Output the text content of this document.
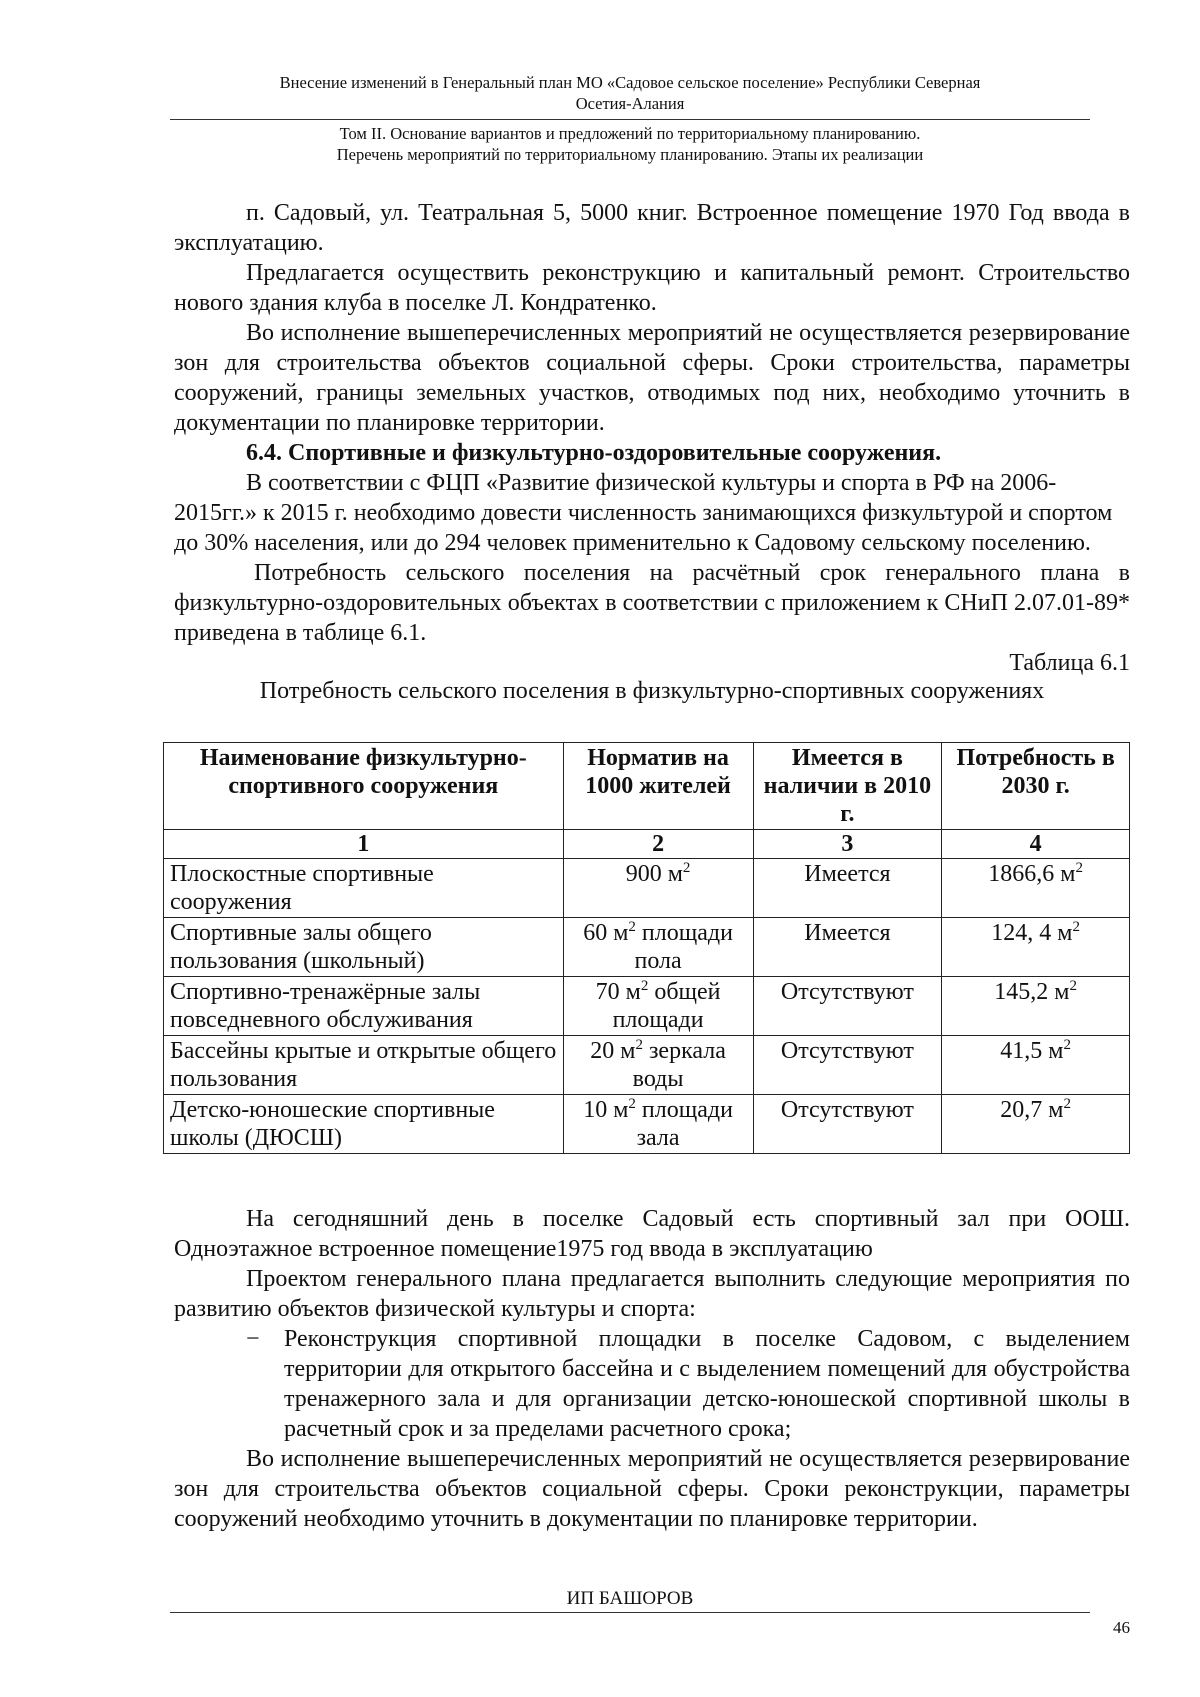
Внесение изменений в Генеральный план МО «Садовое сельское поселение» Республики Северная
Осетия-Алания
Том II. Основание вариантов и предложений по территориальному планированию.
Перечень мероприятий по территориальному планированию. Этапы их реализации

п. Садовый, ул. Театральная 5, 5000 книг. Встроенное помещение 1970 Год ввода в эксплуатацию.

Предлагается осуществить реконструкцию и капитальный ремонт. Строительство нового здания клуба в поселке Л. Кондратенко.

Во исполнение вышеперечисленных мероприятий не осуществляется резервирование зон для строительства объектов социальной сферы. Сроки строительства, параметры сооружений, границы земельных участков, отводимых под них, необходимо уточнить в документации по планировке территории.

6.4. Спортивные и физкультурно-оздоровительные сооружения.

В соответствии с ФЦП «Развитие физической культуры и спорта в РФ на 2006-2015гг.» к 2015 г. необходимо довести численность занимающихся физкультурой и спортом до 30% населения, или до 294 человек применительно к Садовому сельскому поселению.

Потребность сельского поселения на расчётный срок генерального плана в физкультурно-оздоровительных объектах в соответствии с приложением к СНиП 2.07.01-89* приведена в таблице 6.1.

Таблица 6.1

Потребность сельского поселения в физкультурно-спортивных сооружениях

Наименование физкультурно-спортивного сооружения	Норматив на 1000 жителей	Имеется в наличии в 2010 г.	Потребность в 2030 г.
1	2	3	4
Плоскостные спортивные сооружения	900 $м^2$	Имеется	1866,6 $м^2$
Спортивные залы общего пользования (школьный)	60 $м^2$ площади пола	Имеется	124, 4 $м^2$
Спортивно-тренажёрные залы повседневного обслуживания	70 $м^2$ общей площади	Отсутствуют	145,2 $м^2$
Бассейны крытые и открытые общего пользования	20 $м^2$ зеркала воды	Отсутствуют	41,5 $м^2$
Детско-юношеские спортивные школы (ДЮСШ)	10 $м^2$ площади зала	Отсутствуют	20,7 $м^2$

На сегодняшний день в поселке Садовый есть спортивный зал при ООШ. Одноэтажное встроенное помещение1975 год ввода в эксплуатацию

Проектом генерального плана предлагается выполнить следующие мероприятия по развитию объектов физической культуры и спорта:

− Реконструкция спортивной площадки в поселке Садовом, с выделением территории для открытого бассейна и с выделением помещений для обустройства тренажерного зала и для организации детско-юношеской спортивной школы в расчетный срок и за пределами расчетного срока;

Во исполнение вышеперечисленных мероприятий не осуществляется резервирование зон для строительства объектов социальной сферы. Сроки реконструкции, параметры сооружений необходимо уточнить в документации по планировке территории.

ИП БАШОРОВ
46
